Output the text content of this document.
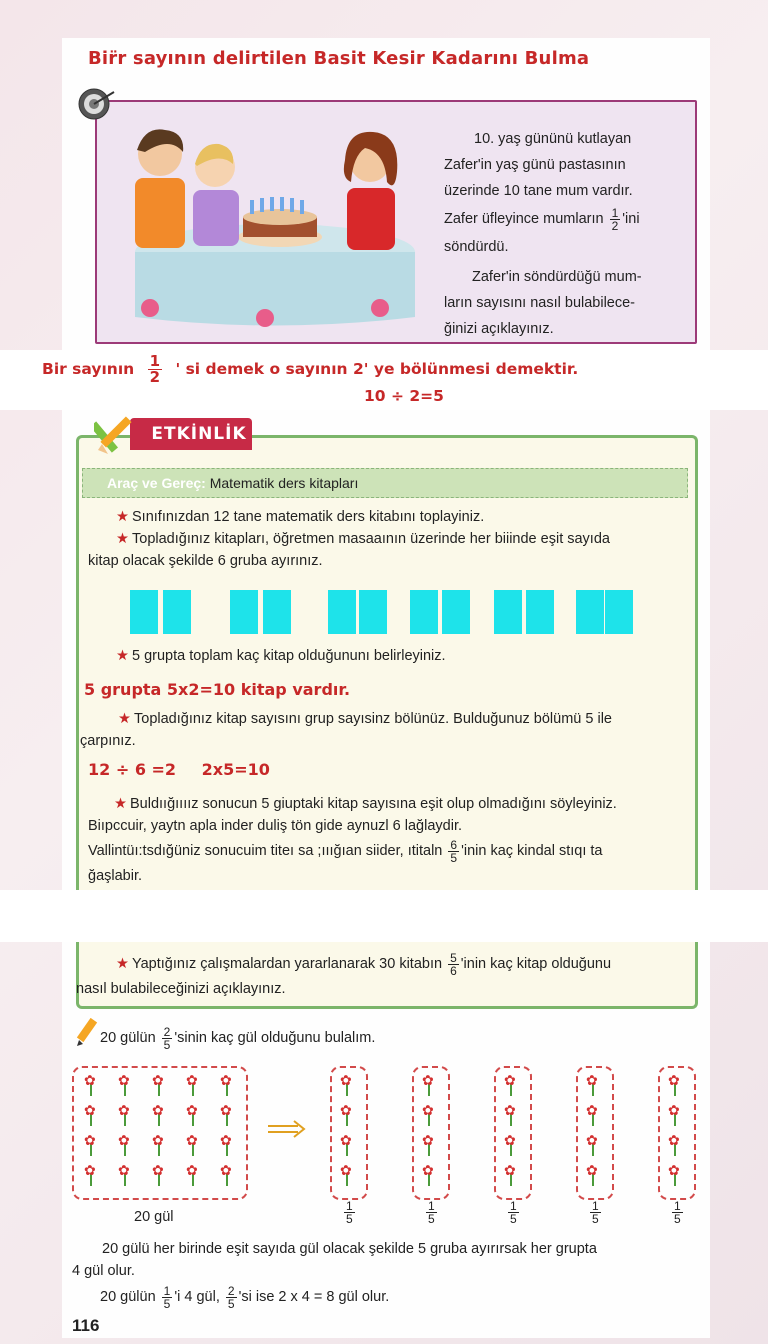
Bir̈r sayının delirtilen Basit Kesir Kadarını Bulma
10. yaş gününü kutlayan
Zafer'in yaş günü pastasının
üzerinde 10 tane mum vardır.
Zafer üfleyince mumların $\frac{1}{2}$ 'ini
söndürdü.
Zafer'in söndürdüğü mum-
ların sayısını nasıl bulabilece-
ğinizi açıklayınız.
Bir sayının $\frac{1}{2}$ ' si demek o sayının 2' ye bölünmesi demektir.
10 ÷ 2=5
ETKİNLİK
Araç ve Gereç: Matematik ders kitapları
★ Sınıfınızdan 12 tane matematik ders kitabını toplayiniz.
★ Topladığınız kitapları, öğretmen masaaının üzerinde her biiinde eşit sayıda
kitap olacak şekilde 6 gruba ayırınız.
★ 5 grupta toplam kaç kitap olduğununı belirleyiniz.
5 grupta 5x2=10 kitap vardır.
★ Topladığınız kitap sayısını grup sayısinz bölünüz. Bulduğunuz bölümü 5 ile
çarpınız.
12 ÷ 6 =2 2x5=10
★ Buldıığıııız sonucun 5 giuptaki kitap sayısına eşit olup olmadığını söyleyiniz.
Biıpccuir, yaytn apla inder duliş tön gide aynuzl 6 lağlaydir.
Vallintüı:tsdığüniz sonucuim titeı sa ;ııığıan siider, ıtitaln $\frac{6}{5}$ 'inin kaç kindal stıqı ta
ğaşlabir.
★ Yaptığınız çalışmalardan yararlanarak 30 kitabın $\frac{5}{6}$ 'inin kaç kitap olduğunu
nasıl bulabileceğinizi açıklayınız.
20 gülün $\frac{2}{5}$ 'sinin kaç gül olduğunu bulalım.
✿ ✿ ✿ ✿ ✿
✿ ✿ ✿ ✿ ✿
✿ ✿ ✿ ✿ ✿
✿ ✿ ✿ ✿ ✿
✿
✿
✿
✿
✿
✿
✿
✿
✿
✿
✿
✿
✿
✿
✿
✿
✿
✿
✿
✿
20 gül	$\frac{1}{5}$	$\frac{1}{5}$	$\frac{1}{5}$	$\frac{1}{5}$	$\frac{1}{5}$
20 gülü her birinde eşit sayıda gül olacak şekilde 5 gruba ayırırsak her grupta
4 gül olur.
20 gülün $\frac{1}{5}$ 'i 4 gül, $\frac{2}{5}$ 'si ise 2 x 4 = 8 gül olur.
116
